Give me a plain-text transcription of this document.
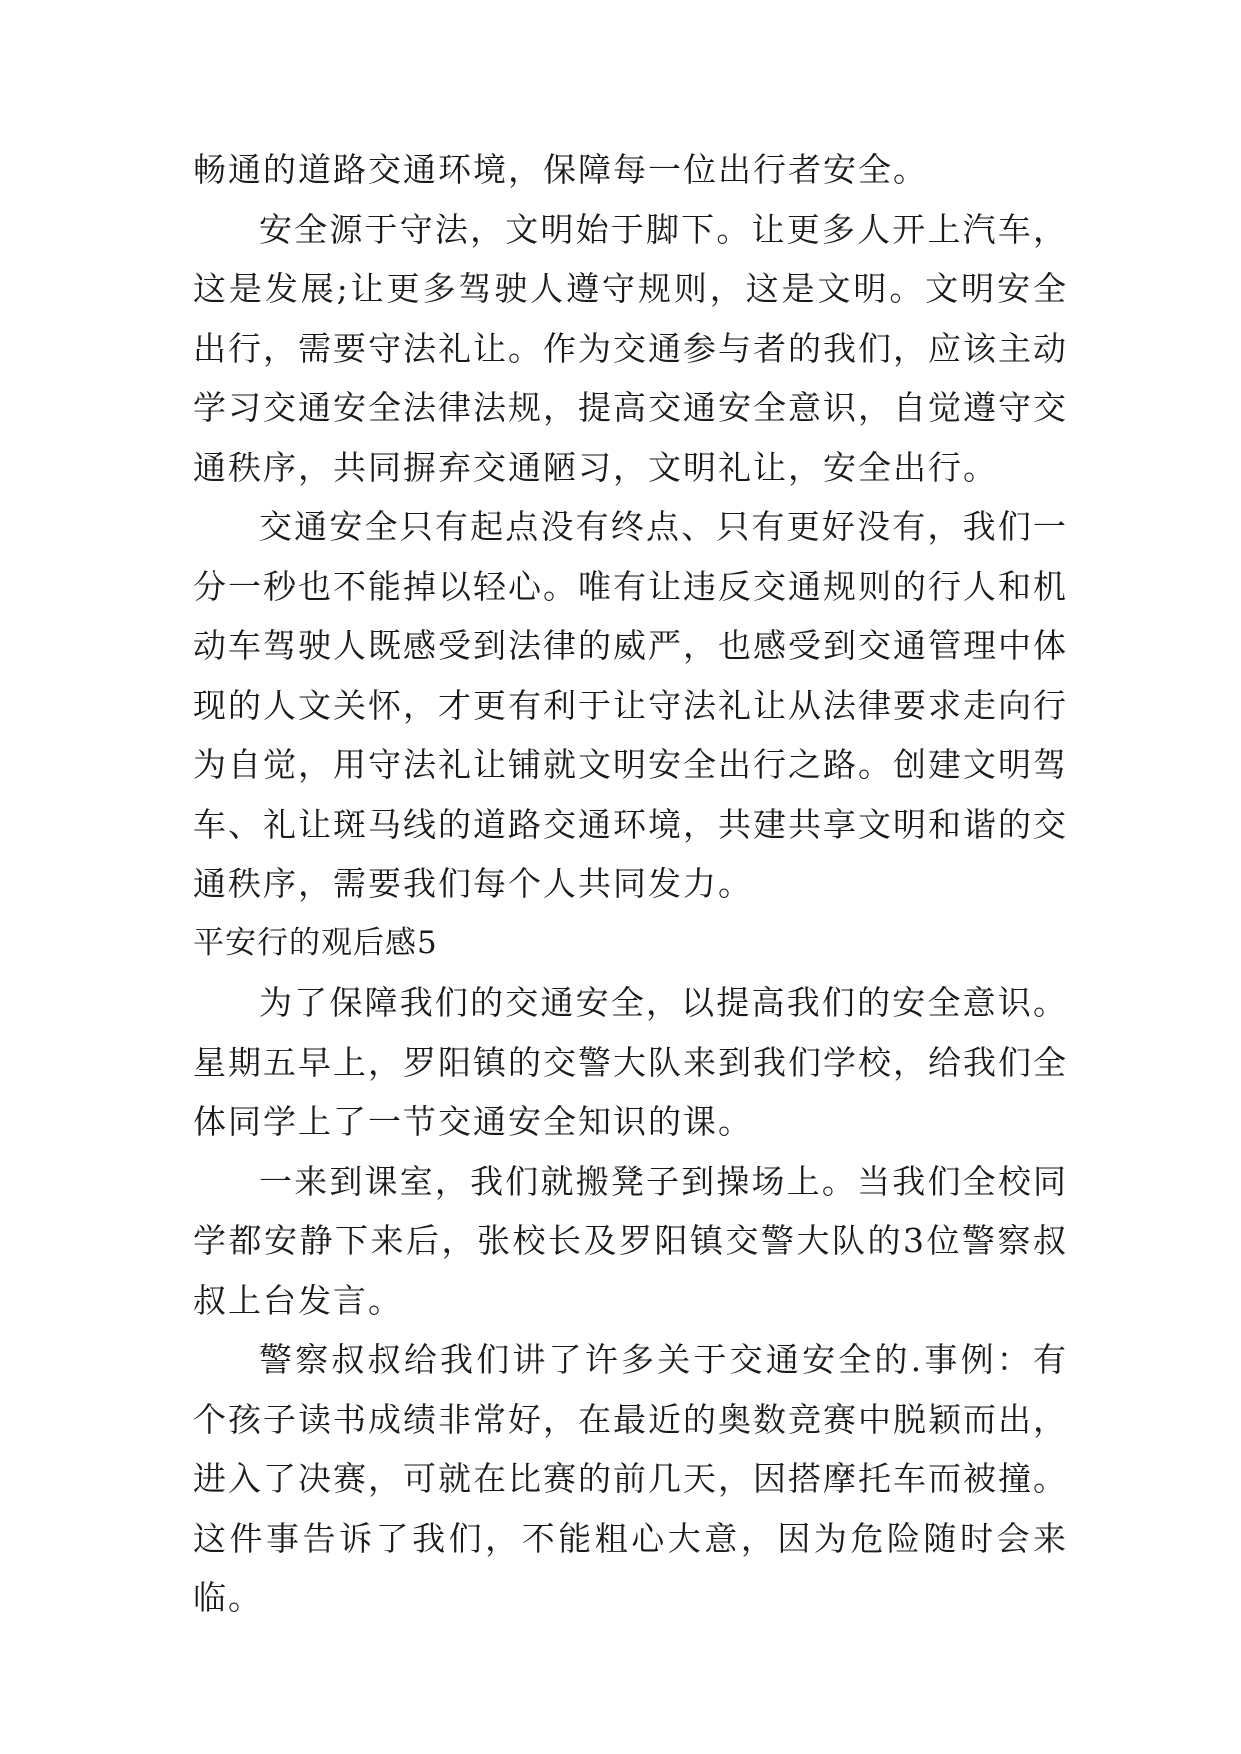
畅通的道路交通环境，保障每一位出行者安全。

安全源于守法，文明始于脚下。让更多人开上汽车，这是发展;让更多驾驶人遵守规则，这是文明。文明安全出行，需要守法礼让。作为交通参与者的我们，应该主动学习交通安全法律法规，提高交通安全意识，自觉遵守交通秩序，共同摒弃交通陋习，文明礼让，安全出行。

交通安全只有起点没有终点、只有更好没有，我们一分一秒也不能掉以轻心。唯有让违反交通规则的行人和机动车驾驶人既感受到法律的威严，也感受到交通管理中体现的人文关怀，才更有利于让守法礼让从法律要求走向行为自觉，用守法礼让铺就文明安全出行之路。创建文明驾车、礼让斑马线的道路交通环境，共建共享文明和谐的交通秩序，需要我们每个人共同发力。

平安行的观后感5

为了保障我们的交通安全，以提高我们的安全意识。星期五早上，罗阳镇的交警大队来到我们学校，给我们全体同学上了一节交通安全知识的课。

一来到课室，我们就搬凳子到操场上。当我们全校同学都安静下来后，张校长及罗阳镇交警大队的3位警察叔叔上台发言。

警察叔叔给我们讲了许多关于交通安全的.事例：有个孩子读书成绩非常好，在最近的奥数竞赛中脱颖而出，进入了决赛，可就在比赛的前几天，因搭摩托车而被撞。这件事告诉了我们，不能粗心大意，因为危险随时会来临。
